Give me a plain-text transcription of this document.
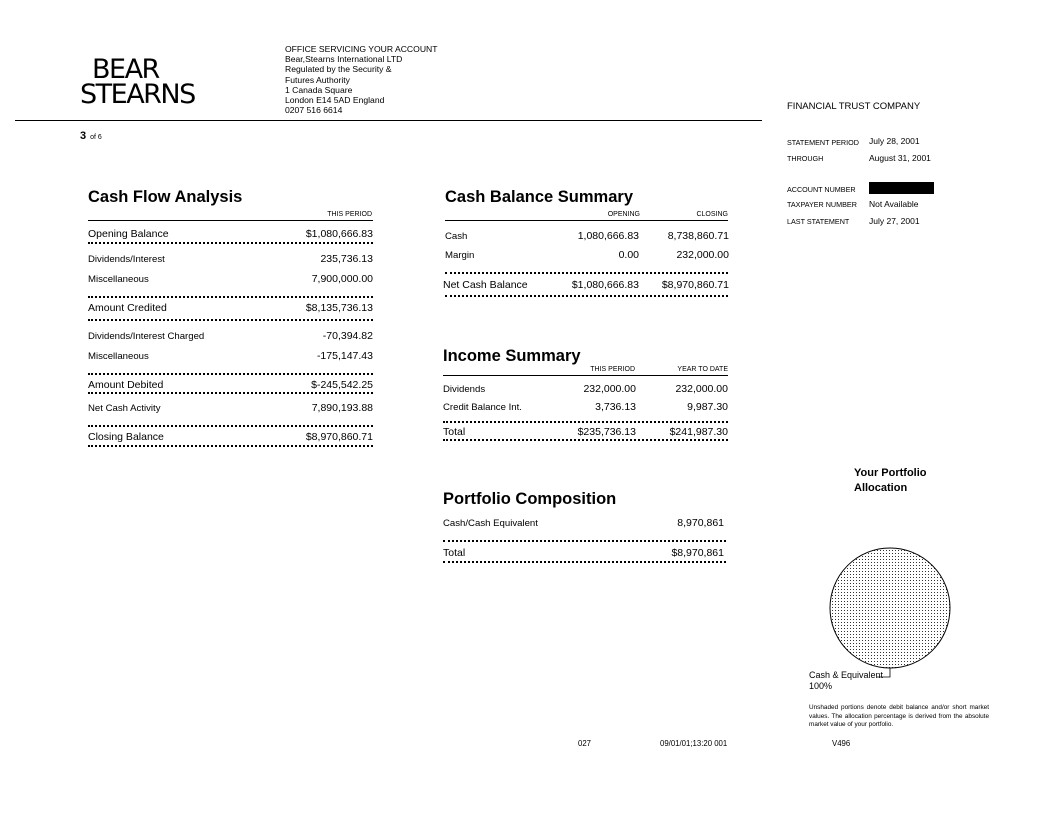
BEAR
STEARNS
OFFICE SERVICING YOUR ACCOUNT
Bear,Stearns International LTD
Regulated by the Security &
Futures Authority
1 Canada Square
London E14 5AD England
0207 516 6614
3 of 6
FINANCIAL TRUST COMPANY
STATEMENT PERIOD July 28, 2001
THROUGH	August 31, 2001
ACCOUNT NUMBER
TAXPAYER NUMBER Not Available
LAST STATEMENT July 27, 2001
Cash Flow Analysis
THIS PERIOD
Opening Balance	$1,080,666.83
Dividends/Interest	235,736.13
Miscellaneous	7,900,000.00
Amount Credited	$8,135,736.13
Dividends/Interest Charged	-70,394.82
Miscellaneous	-175,147.43
Amount Debited	$-245,542.25
Net Cash Activity	7,890,193.88
Closing Balance	$8,970,860.71
Cash Balance Summary
OPENING	CLOSING
Cash	1,080,666.83	8,738,860.71
Margin	0.00	232,000.00
Net Cash Balance	$1,080,666.83	$8,970,860.71
Income Summary
THIS PERIOD	YEAR TO DATE
Dividends	232,000.00	232,000.00
Credit Balance Int.	3,736.13	9,987.30
Total	$235,736.13	$241,987.30
Portfolio Composition
Cash/Cash Equivalent	8,970,861
Total	$8,970,861
Your Portfolio
Allocation
Cash & Equivalent
100%
Unshaded portions denote debit balance and/or short market values. The allocation percentage is derived from the absolute market value of your portfolio.
027	09/01/01;13:20 001	V496
